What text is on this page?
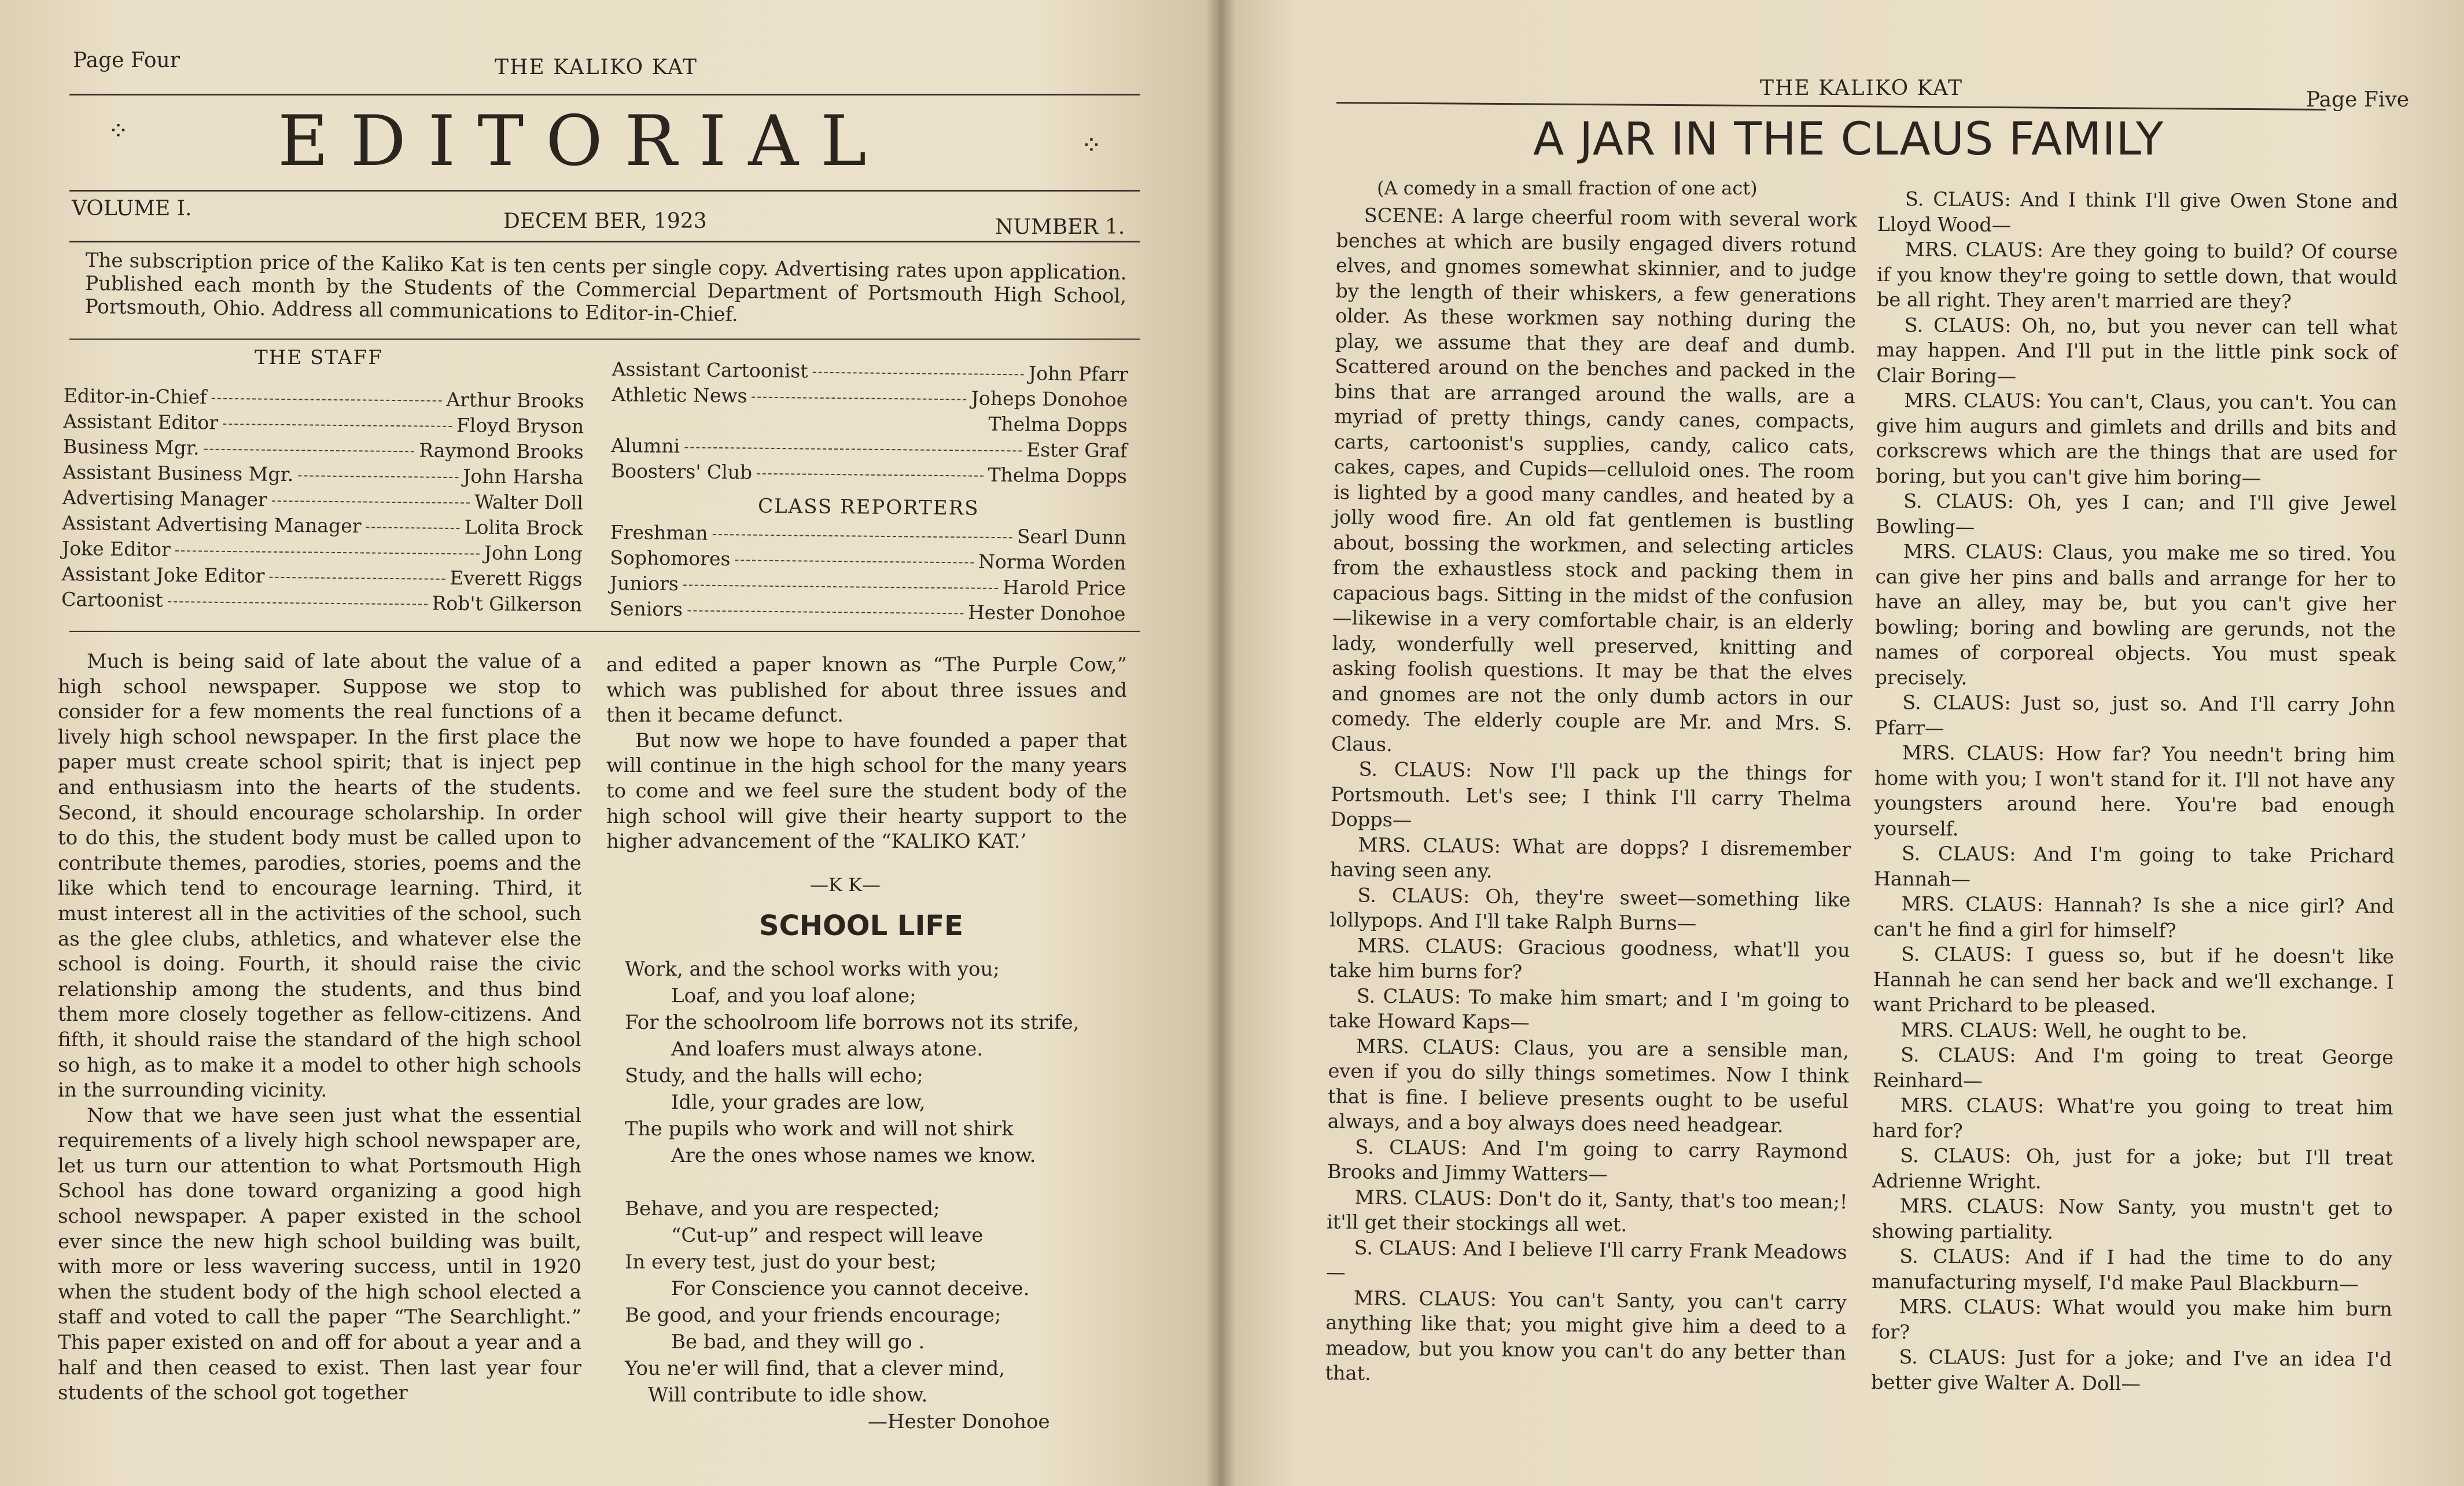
Page Four	THE KALIKO KAT
⁘ EDITORIAL	⁘
VOLUME I.
DECEM BER, 1923	NUMBER 1.
The subscription price of the Kaliko Kat is ten cents per single copy. Advertising rates upon application. Published each month by the Students of the Commercial Department of Portsmouth High School, Portsmouth, Ohio. Address all communications to Editor-in-Chief.
THE STAFF
Editor-in-Chief	Arthur Brooks
Assistant Editor	Floyd Bryson
Business Mgr.	Raymond Brooks
Assistant Business Mgr.	John Harsha
Advertising Manager	Walter Doll
Assistant Advertising Manager	Lolita Brock
Joke Editor	John Long
Assistant Joke Editor	Everett Riggs
Cartoonist	Rob't Gilkerson
Assistant Cartoonist	John Pfarr
Athletic News	Joheps Donohoe
Thelma Dopps
Alumni	Ester Graf
Boosters' Club	Thelma Dopps
CLASS REPORTERS
Freshman	Searl Dunn
Sophomores	Norma Worden
Juniors	Harold Price
Seniors	Hester Donohoe

Much is being said of late about the value of a high school newspaper. Suppose we stop to consider for a few moments the real functions of a lively high school newspaper. In the first place the paper must create school spirit; that is inject pep and enthusiasm into the hearts of the students. Second, it should encourage scholarship. In order to do this, the student body must be called upon to contribute themes, parodies, stories, poems and the like which tend to encourage learning. Third, it must interest all in the activities of the school, such as the glee clubs, athletics, and whatever else the school is doing. Fourth, it should raise the civic relationship among the students, and thus bind them more closely together as fellow-citizens. And fifth, it should raise the standard of the high school so high, as to make it a model to other high schools in the surrounding vicinity.

Now that we have seen just what the essential requirements of a lively high school newspaper are, let us turn our attention to what Portsmouth High School has done toward organizing a good high school newspaper. A paper existed in the school ever since the new high school building was built, with more or less wavering success, until in 1920 when the student body of the high school elected a staff and voted to call the paper “The Searchlight.” This paper existed on and off for about a year and a half and then ceased to exist. Then last year four students of the school got together

and edited a paper known as “The Purple Cow,” which was published for about three issues and then it became defunct.

But now we hope to have founded a paper that will continue in the high school for the many years to come and we feel sure the student body of the high school will give their hearty support to the higher advancement of the “KALIKO KAT.’

—K K—
SCHOOL LIFE
Work, and the school works with you;
Loaf, and you loaf alone;
For the schoolroom life borrows not its strife,
And loafers must always atone.
Study, and the halls will echo;
Idle, your grades are low,
The pupils who work and will not shirk
Are the ones whose names we know.
Behave, and you are respected;
“Cut-up” and respect will leave
In every test, just do your best;
For Conscience you cannot deceive.
Be good, and your friends encourage;
Be bad, and they will go .
You ne'er will find, that a clever mind,
Will contribute to idle show.
—Hester Donohoe
THE KALIKO KAT	Page Five
A JAR IN THE CLAUS FAMILY
(A comedy in a small fraction of one act)

SCENE: A large cheerful room with several work benches at which are busily engaged divers rotund elves, and gnomes somewhat skinnier, and to judge by the length of their whiskers, a few generations older. As these workmen say nothing during the play, we assume that they are deaf and dumb. Scattered around on the benches and packed in the bins that are arranged around the walls, are a myriad of pretty things, candy canes, compacts, carts, cartoonist's supplies, candy, calico cats, cakes, capes, and Cupids—celluloid ones. The room is lighted by a good many candles, and heated by a jolly wood fire. An old fat gentlemen is bustling about, bossing the workmen, and selecting articles from the exhaustless stock and packing them in capacious bags. Sitting in the midst of the confusion—likewise in a very comfortable chair, is an elderly lady, wonderfully well preserved, knitting and asking foolish questions. It may be that the elves and gnomes are not the only dumb actors in our comedy. The elderly couple are Mr. and Mrs. S. Claus.

S. CLAUS: Now I'll pack up the things for Portsmouth. Let's see; I think I'll carry Thelma Dopps—

MRS. CLAUS: What are dopps? I disremember having seen any.

S. CLAUS: Oh, they're sweet—something like lollypops. And I'll take Ralph Burns—

MRS. CLAUS: Gracious goodness, what'll you take him burns for?

S. CLAUS: To make him smart; and I 'm going to take Howard Kaps—

MRS. CLAUS: Claus, you are a sensible man, even if you do silly things sometimes. Now I think that is fine. I believe presents ought to be useful always, and a boy always does need headgear.

S. CLAUS: And I'm going to carry Raymond Brooks and Jimmy Watters—

MRS. CLAUS: Don't do it, Santy, that's too mean;! it'll get their stockings all wet.

S. CLAUS: And I believe I'll carry Frank Meadows—

MRS. CLAUS: You can't Santy, you can't carry anything like that; you might give him a deed to a meadow, but you know you can't do any better than that.

S. CLAUS: And I think I'll give Owen Stone and Lloyd Wood—

MRS. CLAUS: Are they going to build? Of course if you know they're going to settle down, that would be all right. They aren't married are they?

S. CLAUS: Oh, no, but you never can tell what may happen. And I'll put in the little pink sock of Clair Boring—

MRS. CLAUS: You can't, Claus, you can't. You can give him augurs and gimlets and drills and bits and corkscrews which are the things that are used for boring, but you can't give him boring—

S. CLAUS: Oh, yes I can; and I'll give Jewel Bowling—

MRS. CLAUS: Claus, you make me so tired. You can give her pins and balls and arrange for her to have an alley, may be, but you can't give her bowling; boring and bowling are gerunds, not the names of corporeal objects. You must speak precisely.

S. CLAUS: Just so, just so. And I'll carry John Pfarr—

MRS. CLAUS: How far? You needn't bring him home with you; I won't stand for it. I'll not have any youngsters around here. You're bad enough yourself.

S. CLAUS: And I'm going to take Prichard Hannah—

MRS. CLAUS: Hannah? Is she a nice girl? And can't he find a girl for himself?

S. CLAUS: I guess so, but if he doesn't like Hannah he can send her back and we'll exchange. I want Prichard to be pleased.

MRS. CLAUS: Well, he ought to be.

S. CLAUS: And I'm going to treat George Reinhard—

MRS. CLAUS: What're you going to treat him hard for?

S. CLAUS: Oh, just for a joke; but I'll treat Adrienne Wright.

MRS. CLAUS: Now Santy, you mustn't get to showing partiality.

S. CLAUS: And if I had the time to do any manufacturing myself, I'd make Paul Blackburn—

MRS. CLAUS: What would you make him burn for?

S. CLAUS: Just for a joke; and I've an idea I'd better give Walter A. Doll—
